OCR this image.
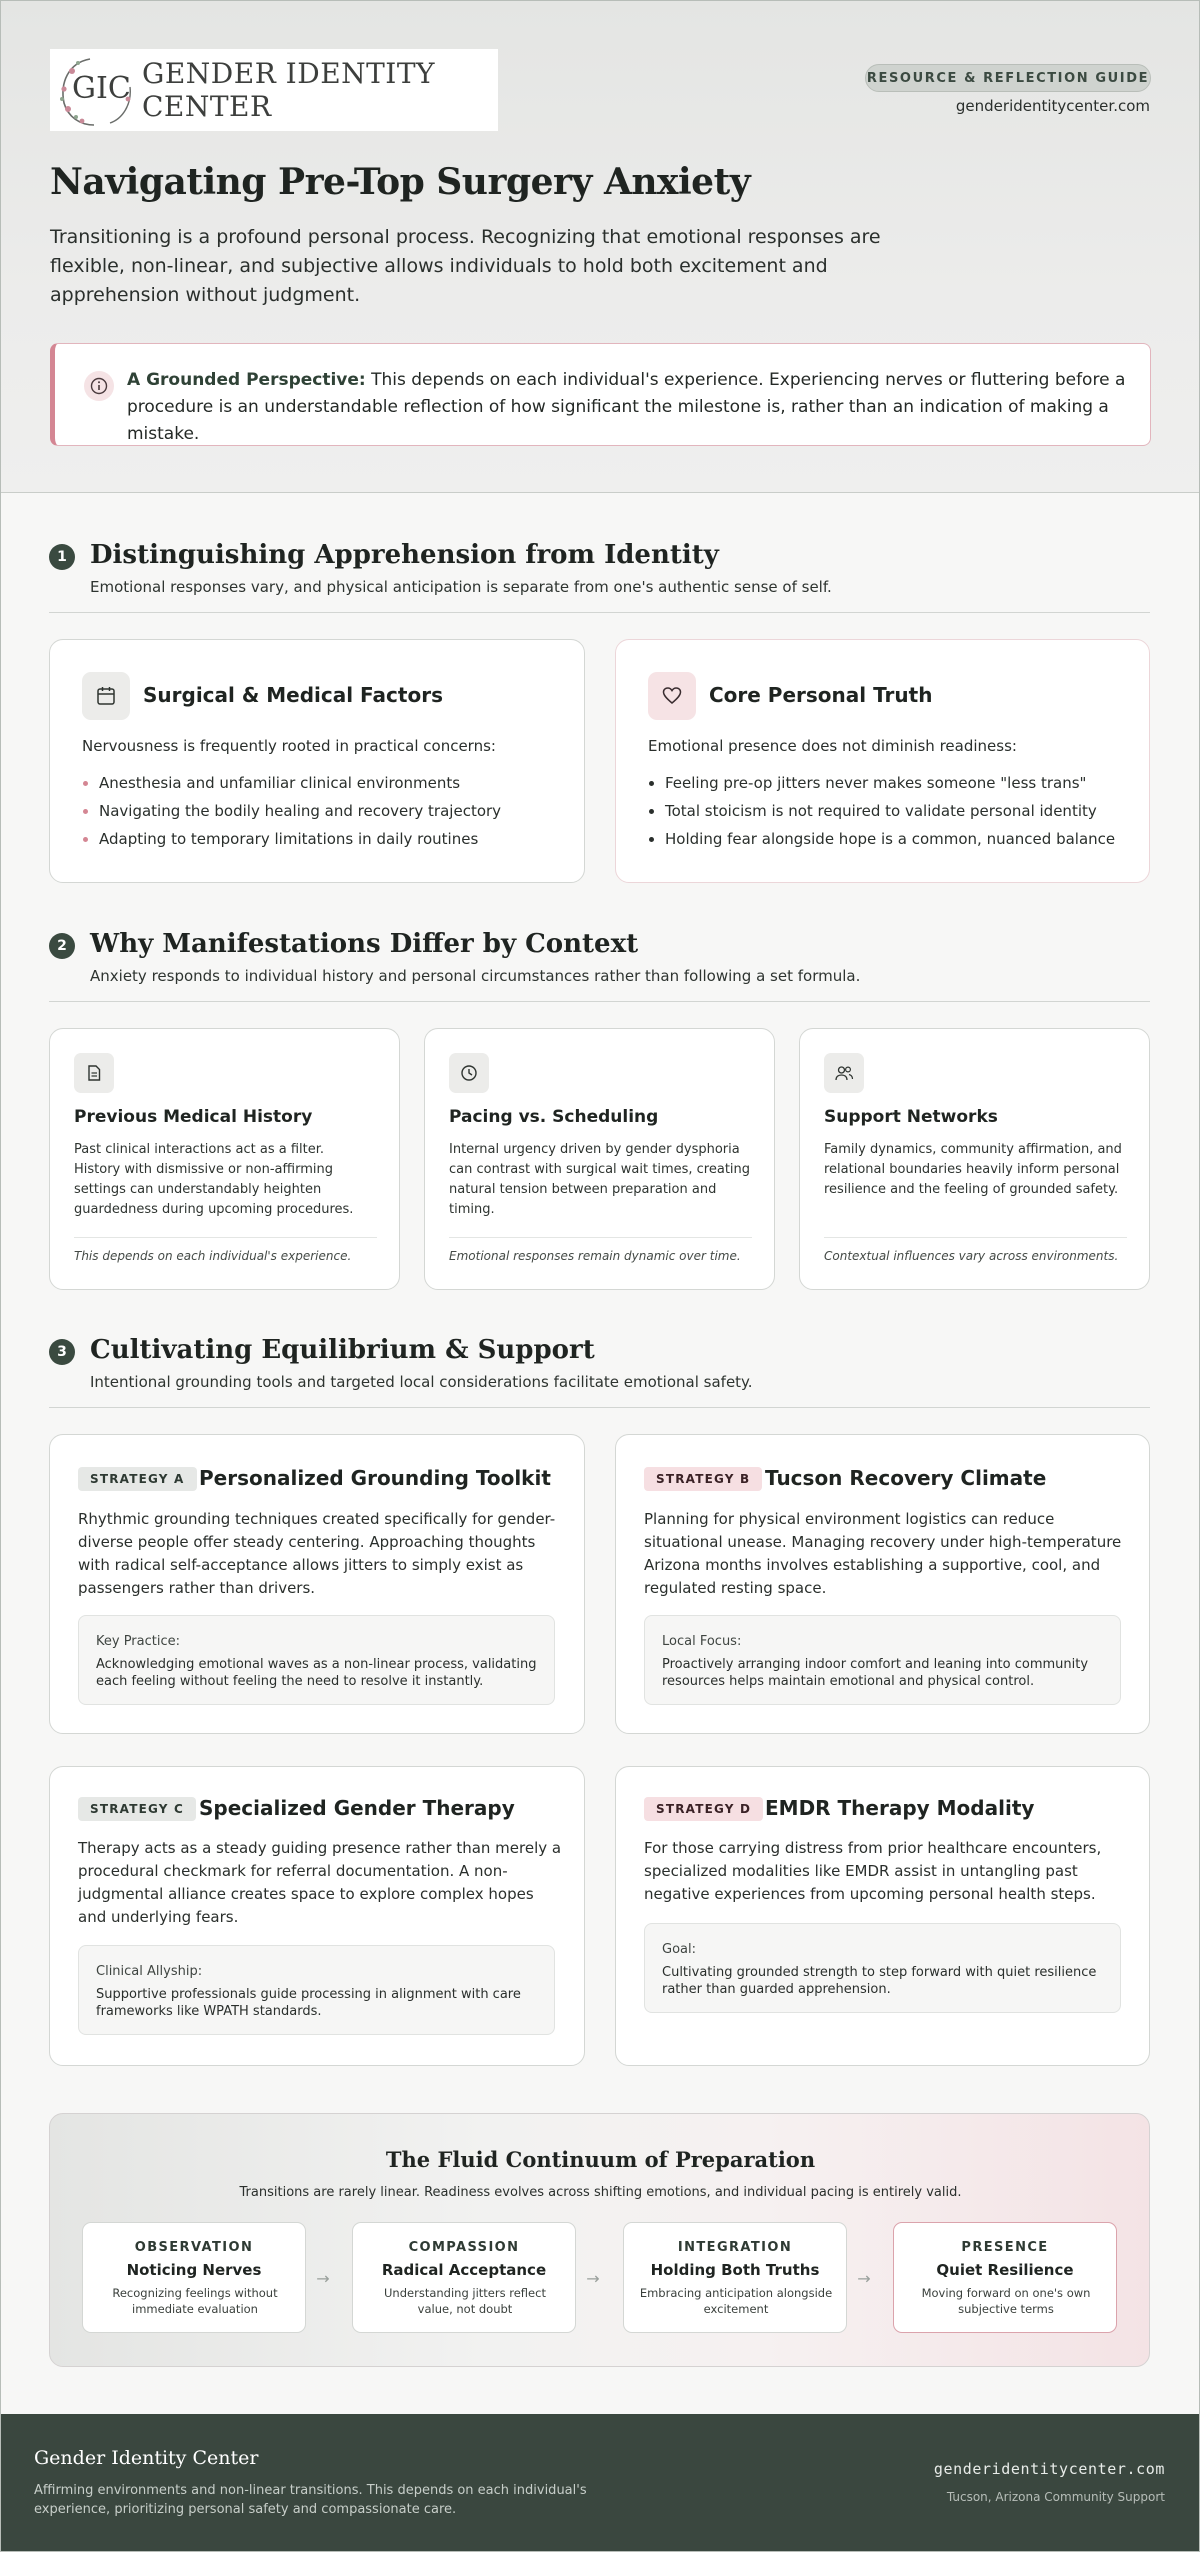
GIC GENDER IDENTITY CENTER
RESOURCE & REFLECTION GUIDE
genderidentitycenter.com
Navigating Pre-Top Surgery Anxiety

Transitioning is a profound personal process. Recognizing that emotional responses are flexible, non-linear, and subjective allows individuals to hold both excitement and apprehension without judgment.

A Grounded Perspective: This depends on each individual's experience. Experiencing nerves or fluttering before a procedure is an understandable reflection of how significant the milestone is, rather than an indication of making a mistake.

1 Distinguishing Apprehension from Identity

Emotional responses vary, and physical anticipation is separate from one's authentic sense of self.

Surgical & Medical Factors

Nervousness is frequently rooted in practical concerns:

Anesthesia and unfamiliar clinical environments
Navigating the bodily healing and recovery trajectory
Adapting to temporary limitations in daily routines
Core Personal Truth

Emotional presence does not diminish readiness:

Feeling pre-op jitters never makes someone "less trans"
Total stoicism is not required to validate personal identity
Holding fear alongside hope is a common, nuanced balance
2 Why Manifestations Differ by Context

Anxiety responds to individual history and personal circumstances rather than following a set formula.

Previous Medical History

Past clinical interactions act as a filter. History with dismissive or non-affirming settings can understandably heighten guardedness during upcoming procedures.

This depends on each individual's experience.

Pacing vs. Scheduling

Internal urgency driven by gender dysphoria can contrast with surgical wait times, creating natural tension between preparation and timing.

Emotional responses remain dynamic over time.

Support Networks

Family dynamics, community affirmation, and relational boundaries heavily inform personal resilience and the feeling of grounded safety.

Contextual influences vary across environments.

3 Cultivating Equilibrium & Support

Intentional grounding tools and targeted local considerations facilitate emotional safety.

STRATEGY A Personalized Grounding Toolkit

Rhythmic grounding techniques created specifically for gender-diverse people offer steady centering. Approaching thoughts with radical self-acceptance allows jitters to simply exist as passengers rather than drivers.

Key Practice:

Acknowledging emotional waves as a non-linear process, validating each feeling without feeling the need to resolve it instantly.

STRATEGY B Tucson Recovery Climate

Planning for physical environment logistics can reduce situational unease. Managing recovery under high-temperature Arizona months involves establishing a supportive, cool, and regulated resting space.

Local Focus:

Proactively arranging indoor comfort and leaning into community resources helps maintain emotional and physical control.

STRATEGY C Specialized Gender Therapy

Therapy acts as a steady guiding presence rather than merely a procedural checkmark for referral documentation. A non-judgmental alliance creates space to explore complex hopes and underlying fears.

Clinical Allyship:

Supportive professionals guide processing in alignment with care frameworks like WPATH standards.

STRATEGY D EMDR Therapy Modality

For those carrying distress from prior healthcare encounters, specialized modalities like EMDR assist in untangling past negative experiences from upcoming personal health steps.

Goal:

Cultivating grounded strength to step forward with quiet resilience rather than guarded apprehension.

The Fluid Continuum of Preparation

Transitions are rarely linear. Readiness evolves across shifting emotions, and individual pacing is entirely valid.

OBSERVATION
Noticing Nerves
Recognizing feelings without immediate evaluation
→
COMPASSION
Radical Acceptance
Understanding jitters reflect value, not doubt
→
INTEGRATION
Holding Both Truths
Embracing anticipation alongside excitement
→
PRESENCE
Quiet Resilience
Moving forward on one's own subjective terms
Gender Identity Center

Affirming environments and non-linear transitions. This depends on each individual's experience, prioritizing personal safety and compassionate care.

genderidentitycenter.com
Tucson, Arizona Community Support
